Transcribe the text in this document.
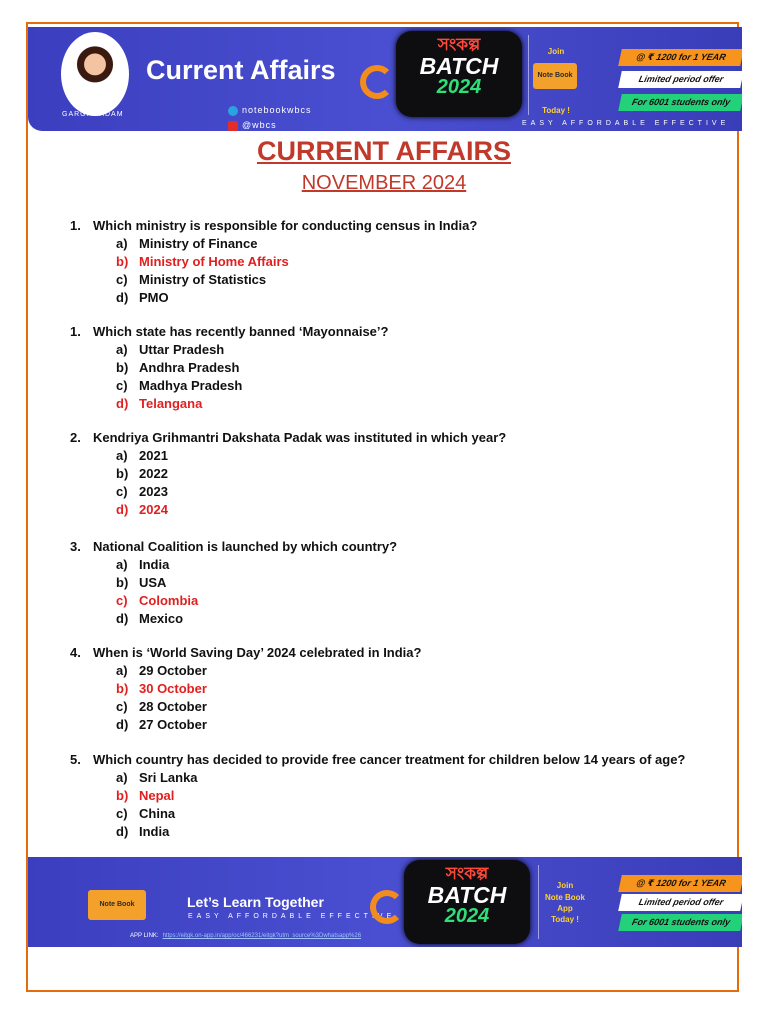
GARGI MADAM
Current Affairs
notebookwbcs
@wbcs
সংকল্প
BATCH
2024
Join
Note Book
Today !
EASY AFFORDABLE EFFECTIVE
@ ₹ 1200 for 1 YEAR
Limited period offer
For 6001 students only
CURRENT AFFAIRS
NOVEMBER 2024
1. Which ministry is responsible for conducting census in India?
a) Ministry of Finance
b) Ministry of Home Affairs
c) Ministry of Statistics
d) PMO
1. Which state has recently banned ‘Mayonnaise’?
a) Uttar Pradesh
b) Andhra Pradesh
c) Madhya Pradesh
d) Telangana
2. Kendriya Grihmantri Dakshata Padak was instituted in which year?
a) 2021
b) 2022
c) 2023
d) 2024
3. National Coalition is launched by which country?
a) India
b) USA
c) Colombia
d) Mexico
4. When is ‘World Saving Day’ 2024 celebrated in India?
a) 29 October
b) 30 October
c) 28 October
d) 27 October
5. Which country has decided to provide free cancer treatment for children below 14 years of age?
a) Sri Lanka
b) Nepal
c) China
d) India
Note Book	Let’s Learn Together
EASY AFFORDABLE EFFECTIVE
APP LINK: https://eitgk.on-app.in/app/oc/466231/eitgk?utm_source%3Dwhatsapp%26
সংকল্প
BATCH
2024
Join
Note Book
App
Today !
@ ₹ 1200 for 1 YEAR
Limited period offer
For 6001 students only
